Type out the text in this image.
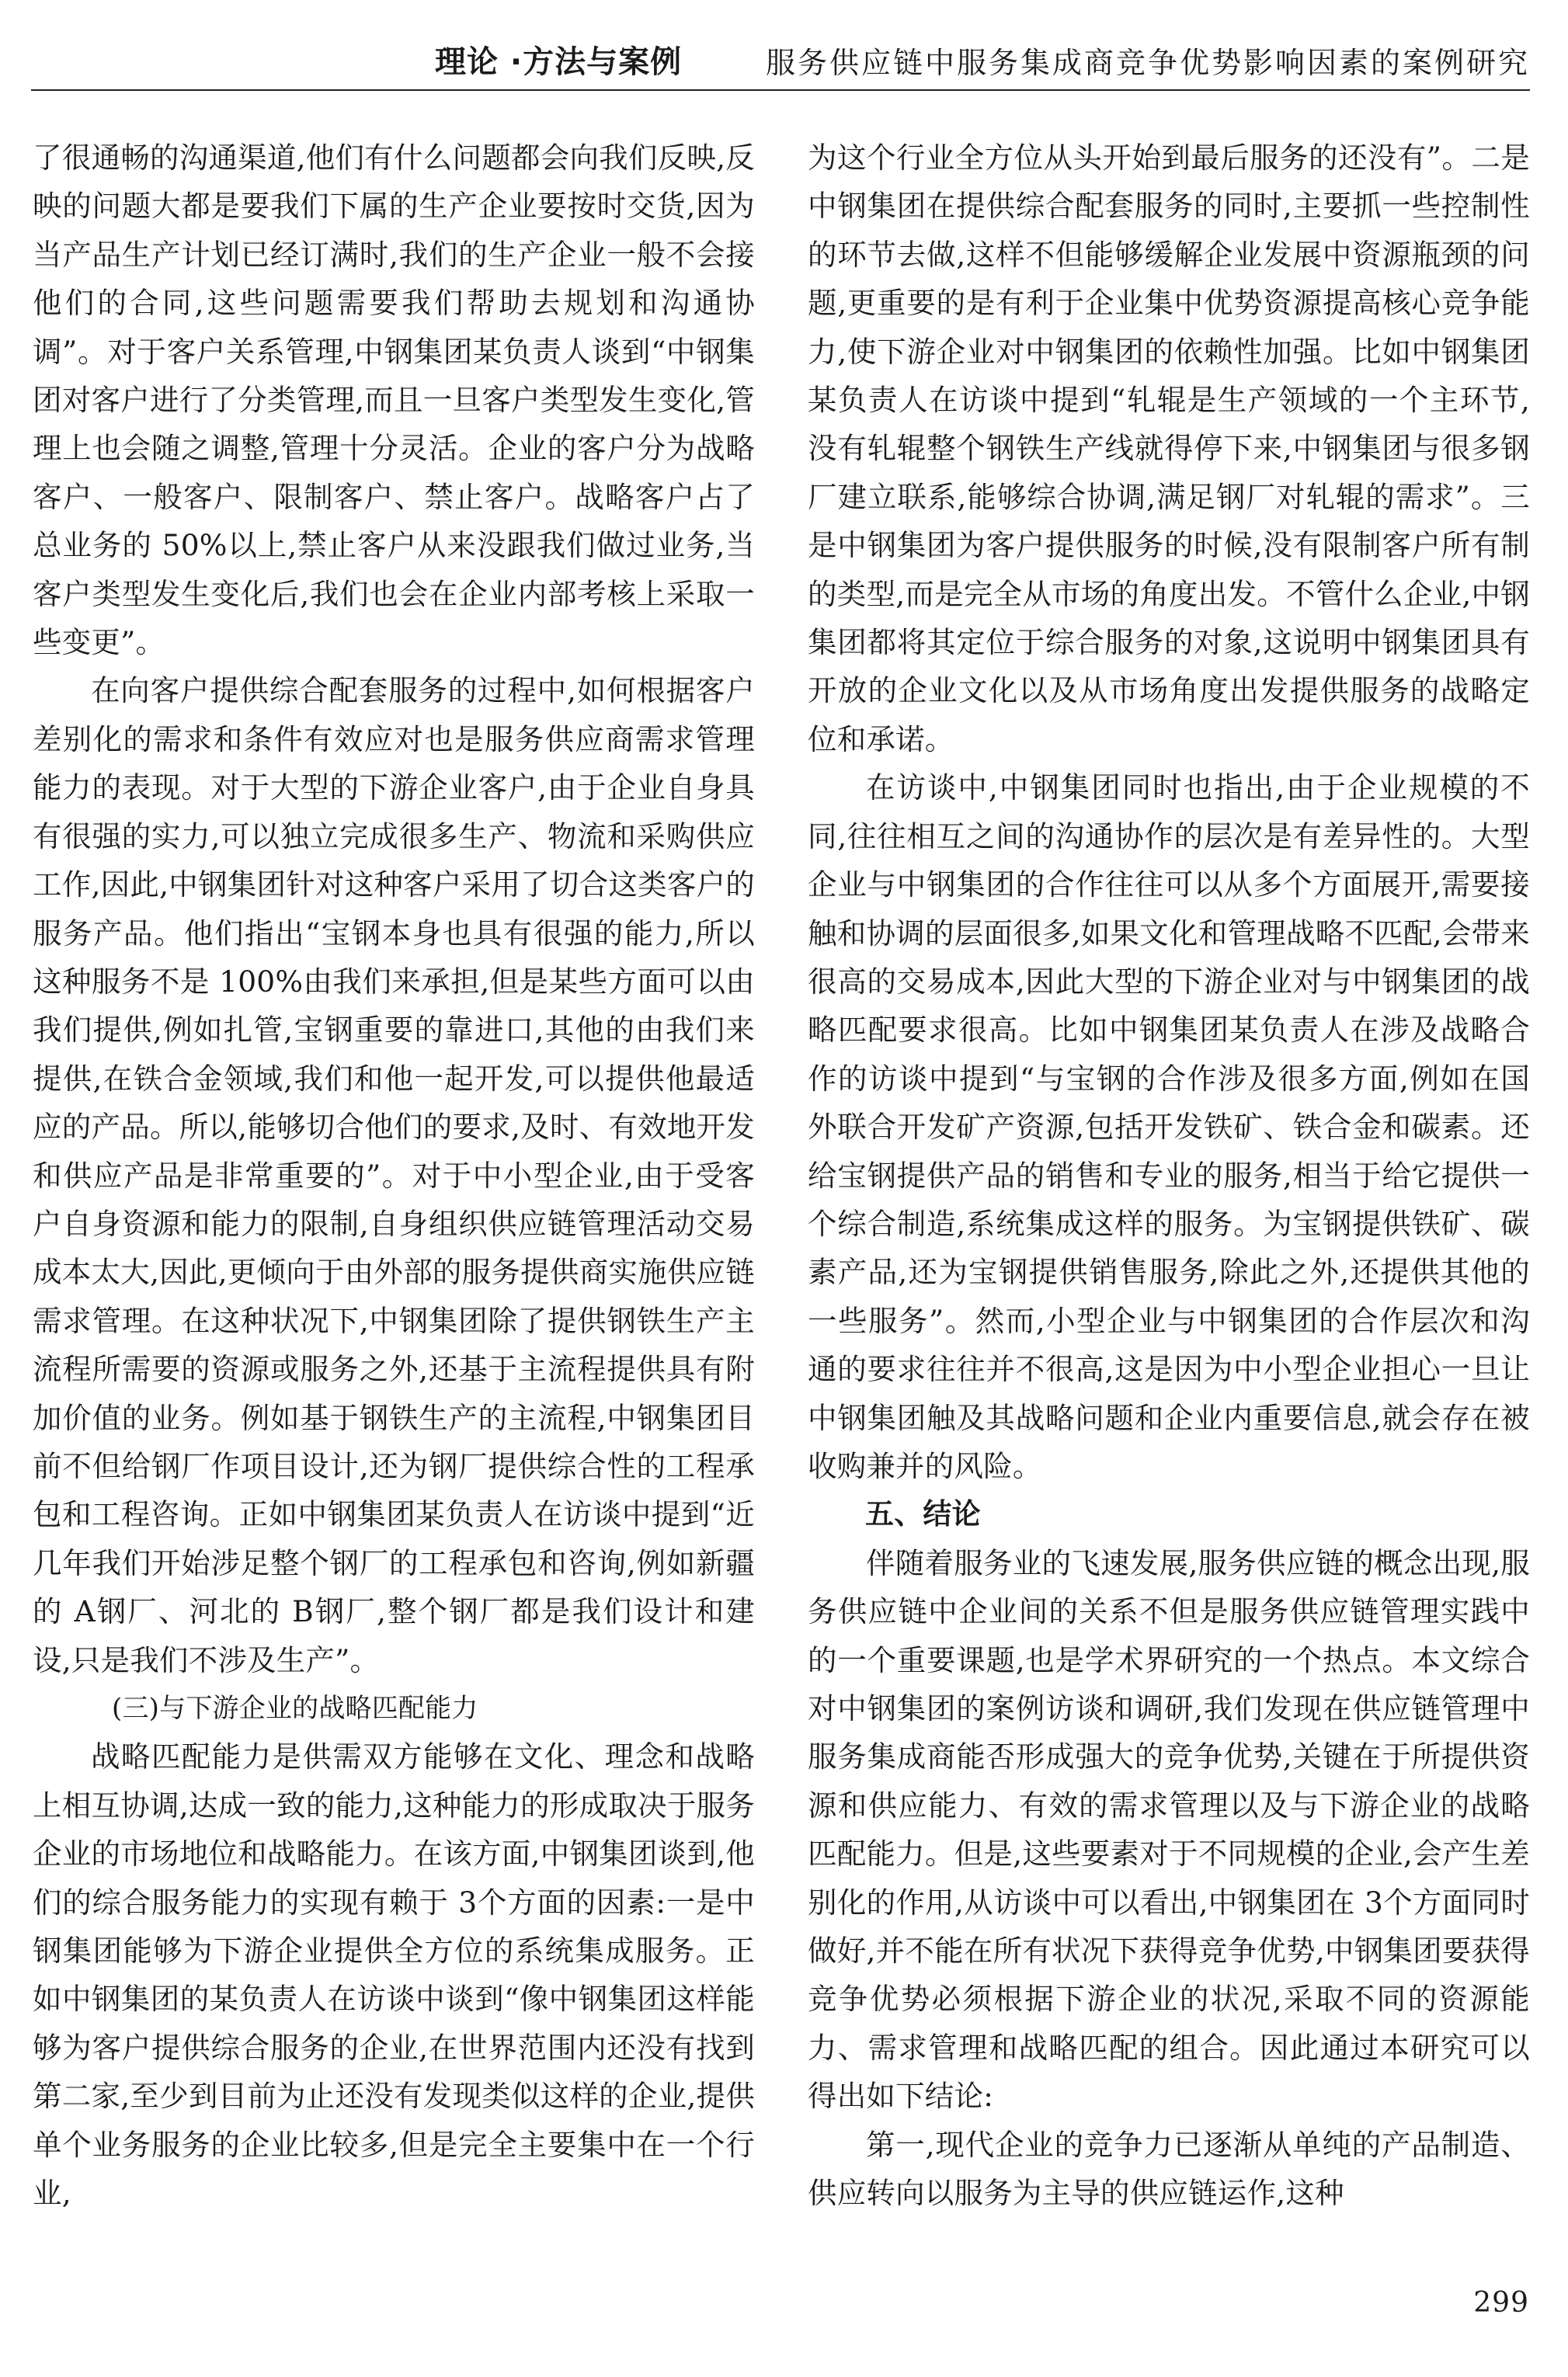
理论 ·方法与案例	服务供应链中服务集成商竞争优势影响因素的案例研究

了很通畅的沟通渠道,他们有什么问题都会向我们反映,反映的问题大都是要我们下属的生产企业要按时交货,因为当产品生产计划已经订满时,我们的生产企业一般不会接他们的合同,这些问题需要我们帮助去规划和沟通协调”。对于客户关系管理,中钢集团某负责人谈到“中钢集团对客户进行了分类管理,而且一旦客户类型发生变化,管理上也会随之调整,管理十分灵活。企业的客户分为战略客户、一般客户、限制客户、禁止客户。战略客户占了总业务的 50%以上,禁止客户从来没跟我们做过业务,当客户类型发生变化后,我们也会在企业内部考核上采取一些变更”。

在向客户提供综合配套服务的过程中,如何根据客户差别化的需求和条件有效应对也是服务供应商需求管理能力的表现。对于大型的下游企业客户,由于企业自身具有很强的实力,可以独立完成很多生产、物流和采购供应工作,因此,中钢集团针对这种客户采用了切合这类客户的服务产品。他们指出“宝钢本身也具有很强的能力,所以这种服务不是 100%由我们来承担,但是某些方面可以由我们提供,例如扎管,宝钢重要的靠进口,其他的由我们来提供,在铁合金领域,我们和他一起开发,可以提供他最适应的产品。所以,能够切合他们的要求,及时、有效地开发和供应产品是非常重要的”。对于中小型企业,由于受客户自身资源和能力的限制,自身组织供应链管理活动交易成本太大,因此,更倾向于由外部的服务提供商实施供应链需求管理。在这种状况下,中钢集团除了提供钢铁生产主流程所需要的资源或服务之外,还基于主流程提供具有附加价值的业务。例如基于钢铁生产的主流程,中钢集团目前不但给钢厂作项目设计,还为钢厂提供综合性的工程承包和工程咨询。正如中钢集团某负责人在访谈中提到“近几年我们开始涉足整个钢厂的工程承包和咨询,例如新疆的 A钢厂、河北的 B钢厂,整个钢厂都是我们设计和建设,只是我们不涉及生产”。

(三)与下游企业的战略匹配能力

战略匹配能力是供需双方能够在文化、理念和战略上相互协调,达成一致的能力,这种能力的形成取决于服务企业的市场地位和战略能力。在该方面,中钢集团谈到,他们的综合服务能力的实现有赖于 3个方面的因素:一是中钢集团能够为下游企业提供全方位的系统集成服务。正如中钢集团的某负责人在访谈中谈到“像中钢集团这样能够为客户提供综合服务的企业,在世界范围内还没有找到第二家,至少到目前为止还没有发现类似这样的企业,提供单个业务服务的企业比较多,但是完全主要集中在一个行业,

为这个行业全方位从头开始到最后服务的还没有”。二是中钢集团在提供综合配套服务的同时,主要抓一些控制性的环节去做,这样不但能够缓解企业发展中资源瓶颈的问题,更重要的是有利于企业集中优势资源提高核心竞争能力,使下游企业对中钢集团的依赖性加强。比如中钢集团某负责人在访谈中提到“轧辊是生产领域的一个主环节,没有轧辊整个钢铁生产线就得停下来,中钢集团与很多钢厂建立联系,能够综合协调,满足钢厂对轧辊的需求”。三是中钢集团为客户提供服务的时候,没有限制客户所有制的类型,而是完全从市场的角度出发。不管什么企业,中钢集团都将其定位于综合服务的对象,这说明中钢集团具有开放的企业文化以及从市场角度出发提供服务的战略定位和承诺。

在访谈中,中钢集团同时也指出,由于企业规模的不同,往往相互之间的沟通协作的层次是有差异性的。大型企业与中钢集团的合作往往可以从多个方面展开,需要接触和协调的层面很多,如果文化和管理战略不匹配,会带来很高的交易成本,因此大型的下游企业对与中钢集团的战略匹配要求很高。比如中钢集团某负责人在涉及战略合作的访谈中提到“与宝钢的合作涉及很多方面,例如在国外联合开发矿产资源,包括开发铁矿、铁合金和碳素。还给宝钢提供产品的销售和专业的服务,相当于给它提供一个综合制造,系统集成这样的服务。为宝钢提供铁矿、碳素产品,还为宝钢提供销售服务,除此之外,还提供其他的一些服务”。然而,小型企业与中钢集团的合作层次和沟通的要求往往并不很高,这是因为中小型企业担心一旦让中钢集团触及其战略问题和企业内重要信息,就会存在被收购兼并的风险。

五、结论

伴随着服务业的飞速发展,服务供应链的概念出现,服务供应链中企业间的关系不但是服务供应链管理实践中的一个重要课题,也是学术界研究的一个热点。本文综合对中钢集团的案例访谈和调研,我们发现在供应链管理中服务集成商能否形成强大的竞争优势,关键在于所提供资源和供应能力、有效的需求管理以及与下游企业的战略匹配能力。但是,这些要素对于不同规模的企业,会产生差别化的作用,从访谈中可以看出,中钢集团在 3个方面同时做好,并不能在所有状况下获得竞争优势,中钢集团要获得竞争优势必须根据下游企业的状况,采取不同的资源能力、需求管理和战略匹配的组合。因此通过本研究可以得出如下结论:

第一,现代企业的竞争力已逐渐从单纯的产品制造、供应转向以服务为主导的供应链运作,这种

299
